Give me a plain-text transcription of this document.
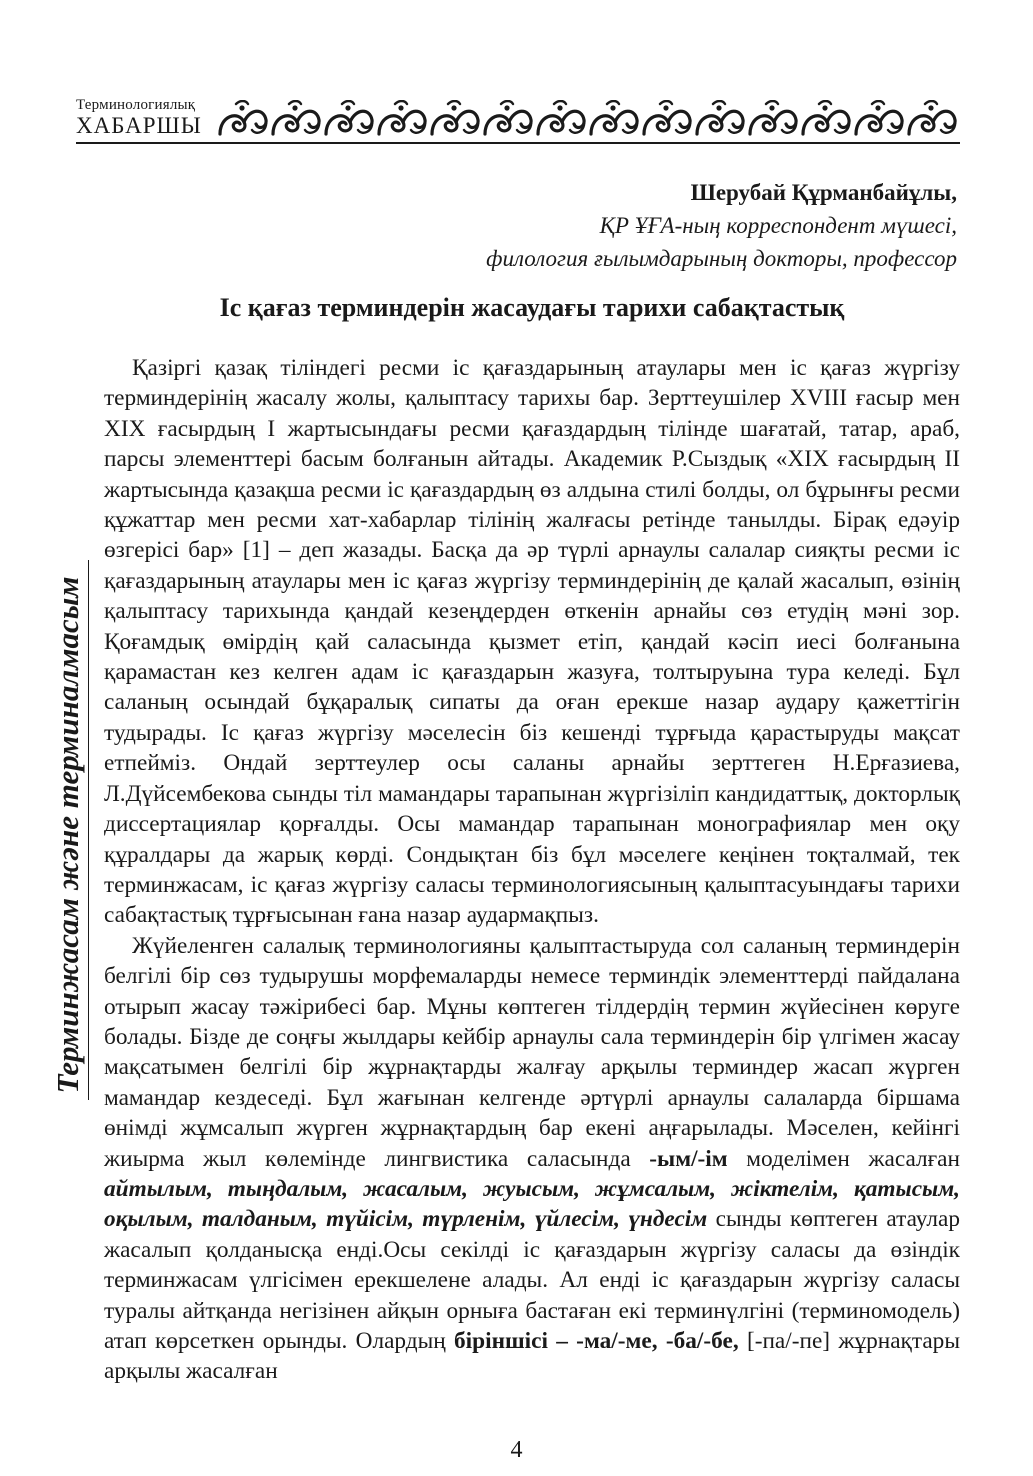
Терминологиялық
ХАБАРШЫ
Терминжасам және терминалмасым
Шерубай Құрманбайұлы,
ҚР ҰҒА-ның корреспондент мүшесі,
филология ғылымдарының докторы, профессор
Іс қағаз терминдерін жасаудағы тарихи сабақтастық

Қазіргі қазақ тіліндегі ресми іс қағаздарының атаулары мен іс қағаз жүргізу терминдерінің жасалу жолы, қалыптасу тарихы бар. Зерттеушілер XVIII ғасыр мен XIX ғасырдың I жартысындағы ресми қағаздардың тілінде шағатай, татар, араб, парсы элементтері басым болғанын айтады. Академик Р.Сыздық «XIX ғасырдың II жартысында қазақша ресми іс қағаздардың өз алдына стилі болды, ол бұрынғы ресми құжаттар мен ресми хат-хабарлар тілінің жалғасы ретінде танылды. Бірақ едәуір өзгерісі бар» [1] – деп жазады. Басқа да әр түрлі арнаулы салалар сияқты ресми іс қағаздарының атаулары мен іс қағаз жүргізу терминдерінің де қалай жасалып, өзінің қалыптасу тарихында қандай кезеңдерден өткенін арнайы сөз етудің мәні зор. Қоғамдық өмірдің қай саласында қызмет етіп, қандай кәсіп иесі болғанына қарамастан кез келген адам іс қағаздарын жазуға, толтыруына тура келеді. Бұл саланың осындай бұқаралық сипаты да оған ерекше назар аудару қажеттігін тудырады. Іс қағаз жүргізу мәселесін біз кешенді тұрғыда қарастыруды мақсат етпейміз. Ондай зерттеулер осы саланы арнайы зерттеген Н.Ерғазиева, Л.Дүйсембекова сынды тіл мамандары тарапынан жүргізіліп кандидаттық, докторлық диссертациялар қорғалды. Осы мамандар тарапынан монографиялар мен оқу құралдары да жарық көрді. Сондықтан біз бұл мәселеге кеңінен тоқталмай, тек терминжасам, іс қағаз жүргізу саласы терминологиясының қалыптасуындағы тарихи сабақтастық тұрғысынан ғана назар аудармақпыз.

Жүйеленген салалық терминологияны қалыптастыруда сол саланың терминдерін белгілі бір сөз тудырушы морфемаларды немесе терминдік элементтерді пайдалана отырып жасау тәжірибесі бар. Мұны көптеген тілдердің термин жүйесінен көруге болады. Бізде де соңғы жылдары кейбір арнаулы сала терминдерін бір үлгімен жасау мақсатымен белгілі бір жұрнақтарды жалғау арқылы терминдер жасап жүрген мамандар кездеседі. Бұл жағынан келгенде әртүрлі арнаулы салаларда біршама өнімді жұмсалып жүрген жұрнақтардың бар екені аңғарылады. Мәселен, кейінгі жиырма жыл көлемінде лингвистика саласында -ым/-ім моделімен жасалған айтылым, тыңдалым, жасалым, жуысым, жұмсалым, жіктелім, қатысым, оқылым, талданым, түйісім, түрленім, үйлесім, үндесім сынды көптеген атаулар жасалып қолданысқа енді.Осы секілді іс қағаздарын жүргізу саласы да өзіндік терминжасам үлгісімен ерекшелене алады. Ал енді іс қағаздарын жүргізу саласы туралы айтқанда негізінен айқын орныға бастаған екі терминүлгіні (терминомодель) атап көрсеткен орынды. Олардың біріншісі – -ма/-ме, -ба/-бе, [-па/-пе] жұрнақтары арқылы жасалған

4
